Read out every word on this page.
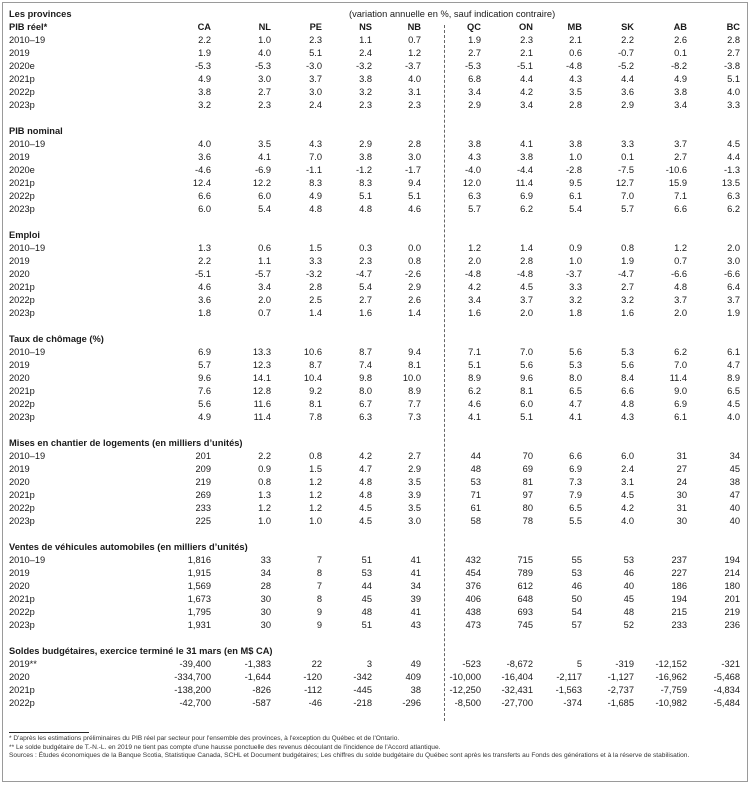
Les provinces	(variation annuelle en %, sauf indication contraire)
PIB réel*	CA	NL	PE	NS	NB	QC	ON	MB	SK	AB	BC
2010–19	2.2	1.0	2.3	1.1	0.7	1.9	2.3	2.1	2.2	2.6	2.8
2019	1.9	4.0	5.1	2.4	1.2	2.7	2.1	0.6	-0.7	0.1	2.7
2020e	-5.3	-5.3	-3.0	-3.2	-3.7	-5.3	-5.1	-4.8	-5.2	-8.2	-3.8
2021p	4.9	3.0	3.7	3.8	4.0	6.8	4.4	4.3	4.4	4.9	5.1
2022p	3.8	2.7	3.0	3.2	3.1	3.4	4.2	3.5	3.6	3.8	4.0
2023p	3.2	2.3	2.4	2.3	2.3	2.9	3.4	2.8	2.9	3.4	3.3
PIB nominal
2010–19	4.0	3.5	4.3	2.9	2.8	3.8	4.1	3.8	3.3	3.7	4.5
2019	3.6	4.1	7.0	3.8	3.0	4.3	3.8	1.0	0.1	2.7	4.4
2020e	-4.6	-6.9	-1.1	-1.2	-1.7	-4.0	-4.4	-2.8	-7.5	-10.6	-1.3
2021p	12.4	12.2	8.3	8.3	9.4	12.0	11.4	9.5	12.7	15.9	13.5
2022p	6.6	6.0	4.9	5.1	5.1	6.3	6.9	6.1	7.0	7.1	6.3
2023p	6.0	5.4	4.8	4.8	4.6	5.7	6.2	5.4	5.7	6.6	6.2
Emploi
2010–19	1.3	0.6	1.5	0.3	0.0	1.2	1.4	0.9	0.8	1.2	2.0
2019	2.2	1.1	3.3	2.3	0.8	2.0	2.8	1.0	1.9	0.7	3.0
2020	-5.1	-5.7	-3.2	-4.7	-2.6	-4.8	-4.8	-3.7	-4.7	-6.6	-6.6
2021p	4.6	3.4	2.8	5.4	2.9	4.2	4.5	3.3	2.7	4.8	6.4
2022p	3.6	2.0	2.5	2.7	2.6	3.4	3.7	3.2	3.2	3.7	3.7
2023p	1.8	0.7	1.4	1.6	1.4	1.6	2.0	1.8	1.6	2.0	1.9
Taux de chômage (%)
2010–19	6.9	13.3	10.6	8.7	9.4	7.1	7.0	5.6	5.3	6.2	6.1
2019	5.7	12.3	8.7	7.4	8.1	5.1	5.6	5.3	5.6	7.0	4.7
2020	9.6	14.1	10.4	9.8	10.0	8.9	9.6	8.0	8.4	11.4	8.9
2021p	7.6	12.8	9.2	8.0	8.9	6.2	8.1	6.5	6.6	9.0	6.5
2022p	5.6	11.6	8.1	6.7	7.7	4.6	6.0	4.7	4.8	6.9	4.5
2023p	4.9	11.4	7.8	6.3	7.3	4.1	5.1	4.1	4.3	6.1	4.0
Mises en chantier de logements (en milliers d’unités)
2010–19	201	2.2	0.8	4.2	2.7	44	70	6.6	6.0	31	34
2019	209	0.9	1.5	4.7	2.9	48	69	6.9	2.4	27	45
2020	219	0.8	1.2	4.8	3.5	53	81	7.3	3.1	24	38
2021p	269	1.3	1.2	4.8	3.9	71	97	7.9	4.5	30	47
2022p	233	1.2	1.2	4.5	3.5	61	80	6.5	4.2	31	40
2023p	225	1.0	1.0	4.5	3.0	58	78	5.5	4.0	30	40
Ventes de véhicules automobiles (en milliers d’unités)
2010–19	1,816	33	7	51	41	432	715	55	53	237	194
2019	1,915	34	8	53	41	454	789	53	46	227	214
2020	1,569	28	7	44	34	376	612	46	40	186	180
2021p	1,673	30	8	45	39	406	648	50	45	194	201
2022p	1,795	30	9	48	41	438	693	54	48	215	219
2023p	1,931	30	9	51	43	473	745	57	52	233	236
Soldes budgétaires, exercice terminé le 31 mars (en M$ CA)
2019**	-39,400	-1,383	22	3	49	-523	-8,672	5	-319	-12,152	-321
2020	-334,700	-1,644	-120	-342	409	-10,000	-16,404	-2,117	-1,127	-16,962	-5,468
2021p	-138,200	-826	-112	-445	38	-12,250	-32,431	-1,563	-2,737	-7,759	-4,834
2022p	-42,700	-587	-46	-218	-296	-8,500	-27,700	-374	-1,685	-10,982	-5,484
* D'après les estimations préliminaires du PIB réel par secteur pour l'ensemble des provinces, à l'exception du Québec et de l'Ontario.
** Le solde budgétaire de T.-N.-L. en 2019 ne tient pas compte d'une hausse ponctuelle des revenus découlant de l'incidence de l'Accord atlantique.
Sources : Études économiques de la Banque Scotia, Statistique Canada, SCHL et Document budgétaires; Les chiffres du solde budgétaire du Québec sont après les transferts au Fonds des générations et à la réserve de stabilisation.
